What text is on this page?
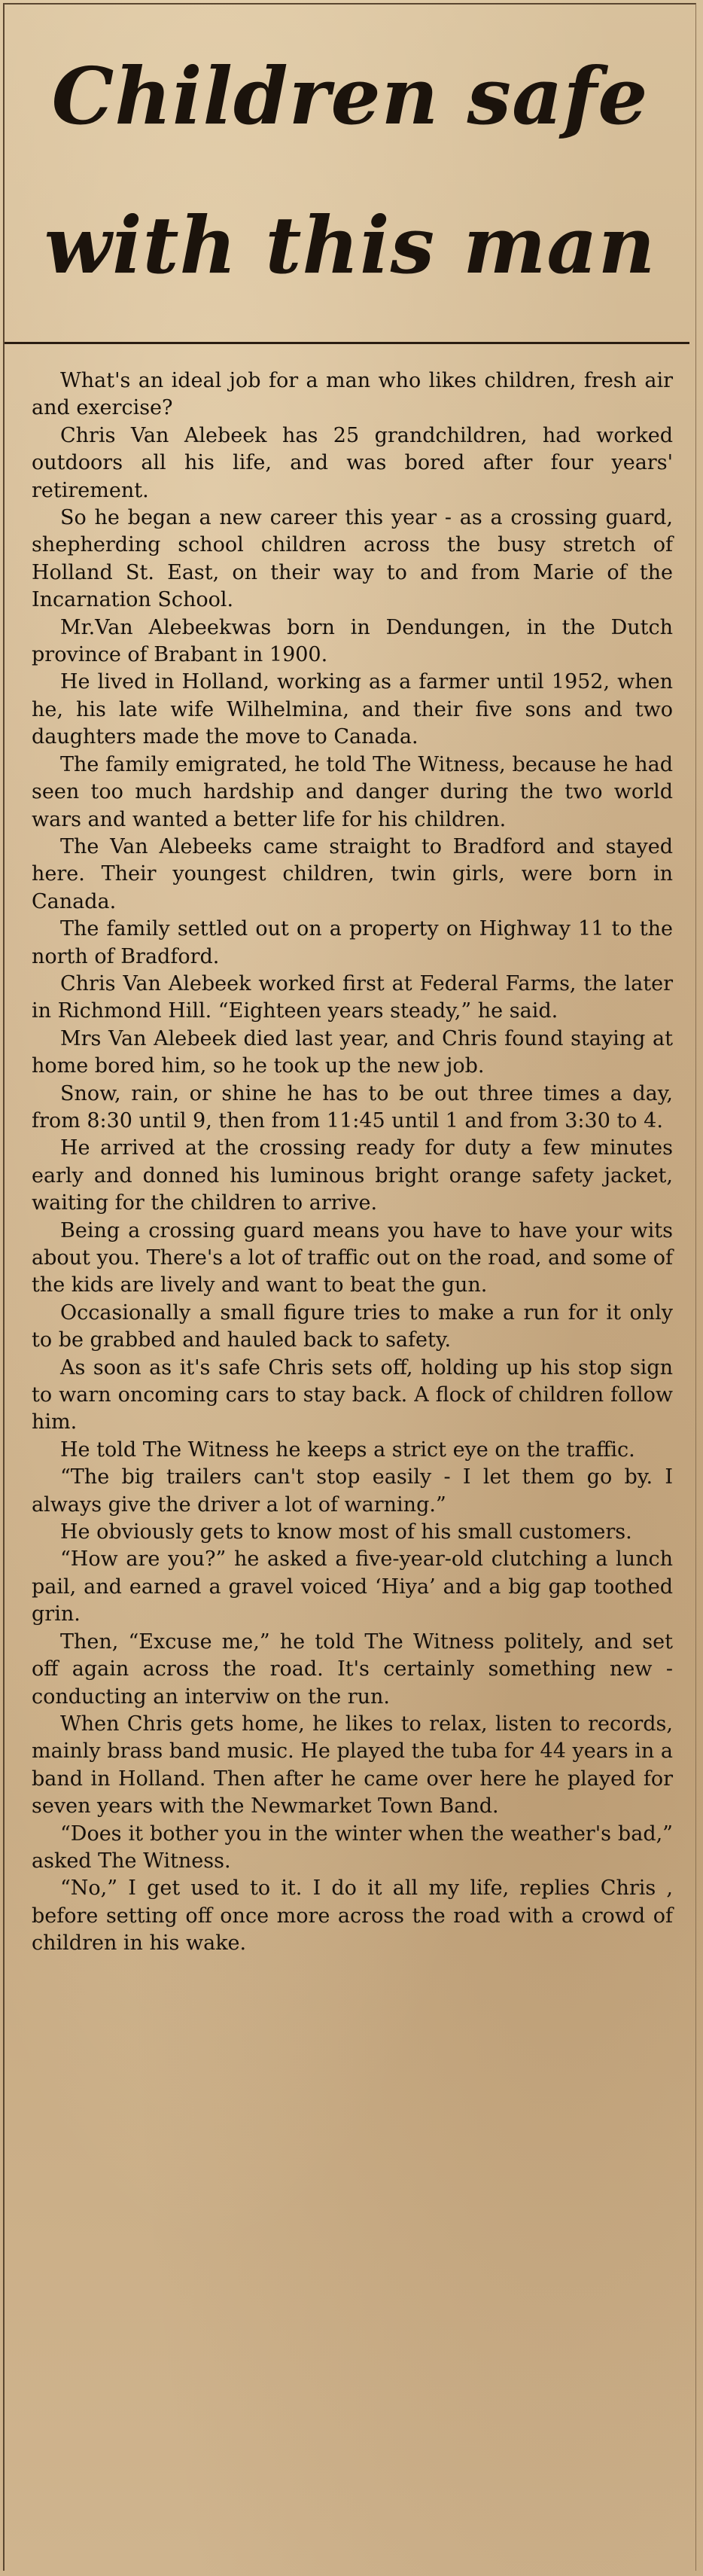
Children safe
with this man

What's an ideal job for a man who likes children, fresh air and exercise?

Chris Van Alebeek has 25 grandchildren, had worked outdoors all his life, and was bored after four years' retirement.

So he began a new career this year - as a crossing guard, shepherding school children across the busy stretch of Holland St. East, on their way to and from Marie of the Incarnation School.

Mr.Van Alebeekwas born in Dendungen, in the Dutch province of Brabant in 1900.

He lived in Holland, working as a farmer until 1952, when he, his late wife Wilhelmina, and their five sons and two daughters made the move to Canada.

The family emigrated, he told The Witness, because he had seen too much hardship and danger during the two world wars and wanted a better life for his children.

The Van Alebeeks came straight to Bradford and stayed here. Their youngest children, twin girls, were born in Canada.

The family settled out on a property on Highway 11 to the north of Bradford.

Chris Van Alebeek worked first at Federal Farms, the later in Richmond Hill. “Eighteen years steady,” he said.

Mrs Van Alebeek died last year, and Chris found staying at home bored him, so he took up the new job.

Snow, rain, or shine he has to be out three times a day, from 8:30 until 9, then from 11:45 until 1 and from 3:30 to 4.

He arrived at the crossing ready for duty a few minutes early and donned his luminous bright orange safety jacket, waiting for the children to arrive.

Being a crossing guard means you have to have your wits about you. There's a lot of traffic out on the road, and some of the kids are lively and want to beat the gun.

Occasionally a small figure tries to make a run for it only to be grabbed and hauled back to safety.

As soon as it's safe Chris sets off, holding up his stop sign to warn oncoming cars to stay back. A flock of children follow him.

He told The Witness he keeps a strict eye on the traffic.

“The big trailers can't stop easily - I let them go by. I always give the driver a lot of warning.”

He obviously gets to know most of his small customers.

“How are you?” he asked a five-year-old clutching a lunch pail, and earned a gravel voiced ‘Hiya’ and a big gap toothed grin.

Then, “Excuse me,” he told The Witness politely, and set off again across the road. It's certainly something new - conducting an interviw on the run.

When Chris gets home, he likes to relax, listen to records, mainly brass band music. He played the tuba for 44 years in a band in Holland. Then after he came over here he played for seven years with the Newmarket Town Band.

“Does it bother you in the winter when the weather's bad,” asked The Witness.

“No,” I get used to it. I do it all my life, replies Chris , before setting off once more across the road with a crowd of children in his wake.
